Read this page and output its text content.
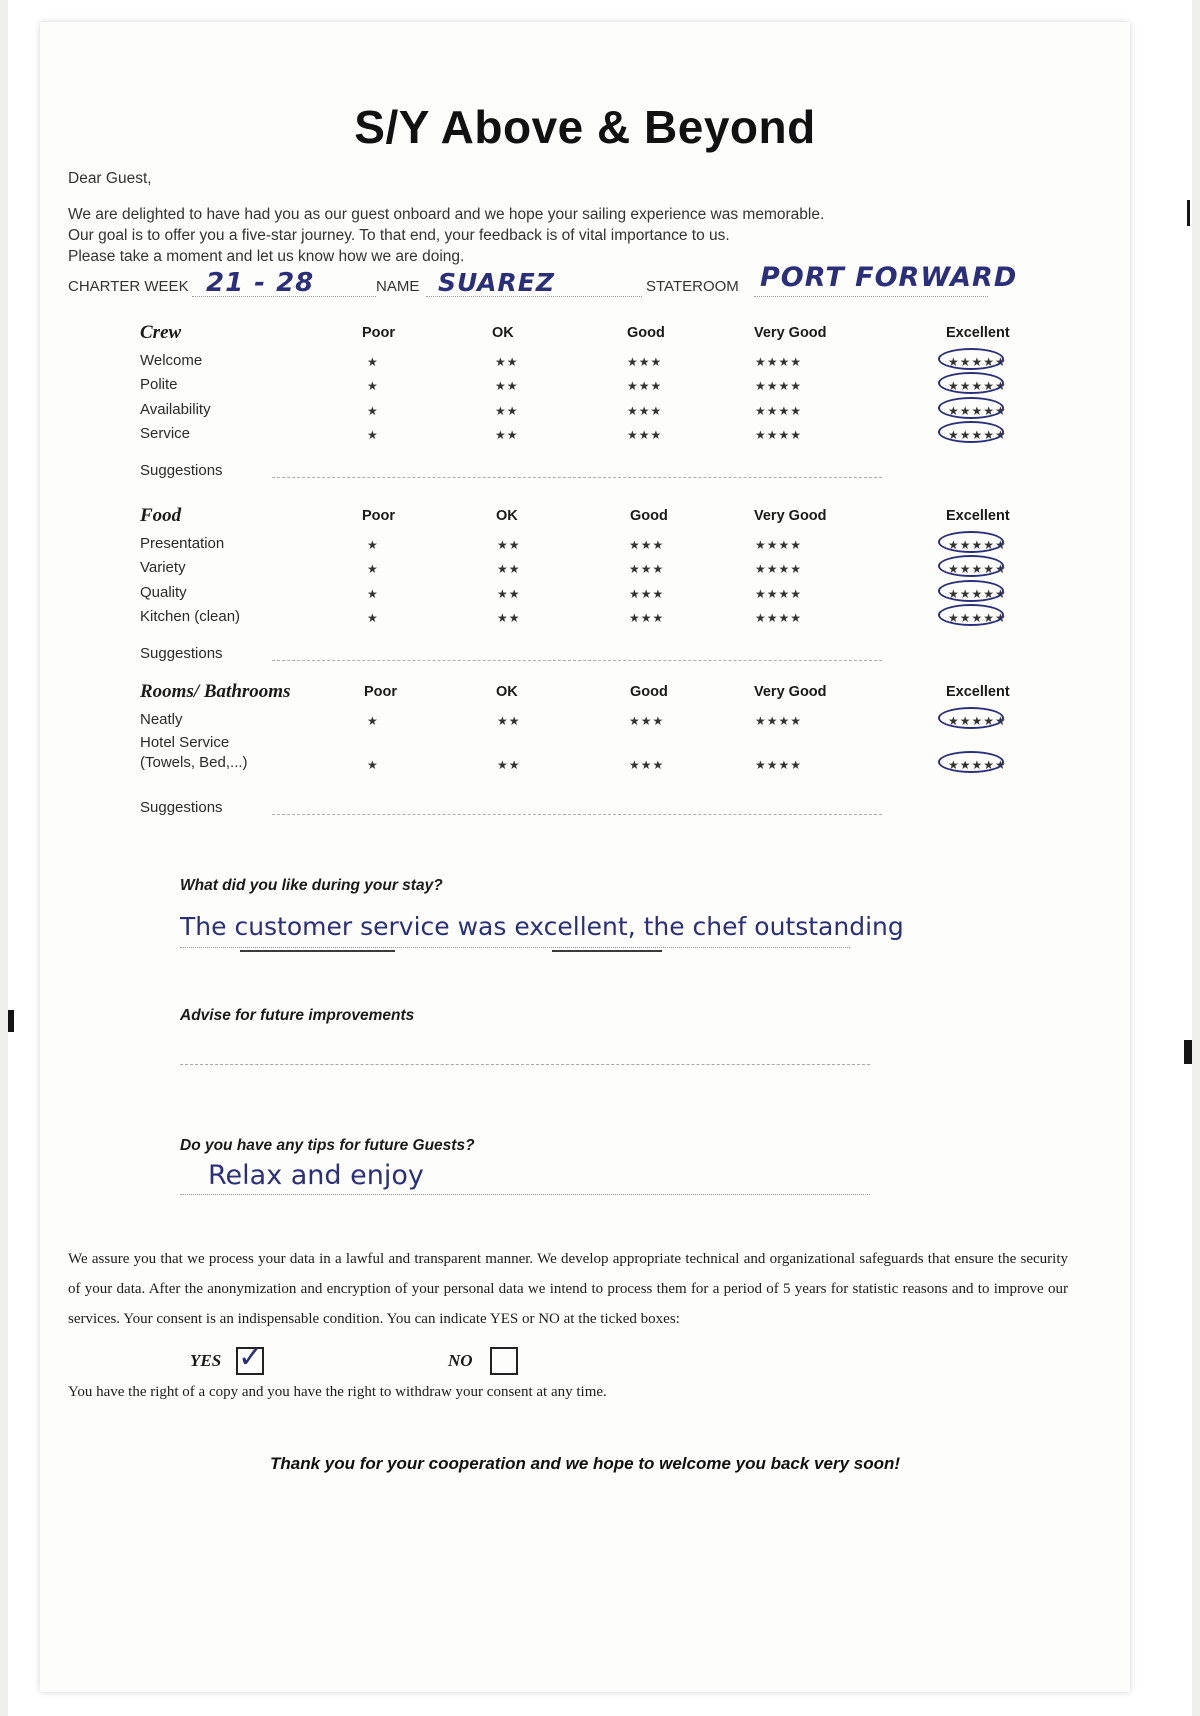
S/Y Above & Beyond
Dear Guest,
We are delighted to have had you as our guest onboard and we hope your sailing experience was memorable.
Our goal is to offer you a five-star journey. To that end, your feedback is of vital importance to us.
Please take a moment and let us know how we are doing.
CHARTER WEEK 21 - 28	NAME SUAREZ	STATEROOM PORT FORWARD
Crew	Poor	OK	Good	Very Good	Excellent
Welcome	★	★★	★★★	★★★★	★★★★★
Polite	★	★★	★★★	★★★★	★★★★★
Availability	★	★★	★★★	★★★★	★★★★★
Service	★	★★	★★★	★★★★	★★★★★
Suggestions
Food	Poor	OK	Good	Very Good	Excellent
Presentation	★	★★	★★★	★★★★	★★★★★
Variety	★	★★	★★★	★★★★	★★★★★
Quality	★	★★	★★★	★★★★	★★★★★
Kitchen (clean)	★	★★	★★★	★★★★	★★★★★
Suggestions
Rooms/ Bathrooms	Poor	OK	Good	Very Good	Excellent
Neatly	★	★★	★★★	★★★★	★★★★★
Hotel Service
(Towels, Bed,...)	★	★★	★★★	★★★★	★★★★★
Suggestions
What did you like during your stay?
The customer service was excellent, the chef outstanding
Advise for future improvements
Do you have any tips for future Guests?
Relax and enjoy
We assure you that we process your data in a lawful and transparent manner. We develop appropriate technical and organizational safeguards that ensure the security of your data. After the anonymization and encryption of your personal data we intend to process them for a period of 5 years for statistic reasons and to improve our services. Your consent is an indispensable condition. You can indicate YES or NO at the ticked boxes:
YES ✓	NO
You have the right of a copy and you have the right to withdraw your consent at any time.
Thank you for your cooperation and we hope to welcome you back very soon!
